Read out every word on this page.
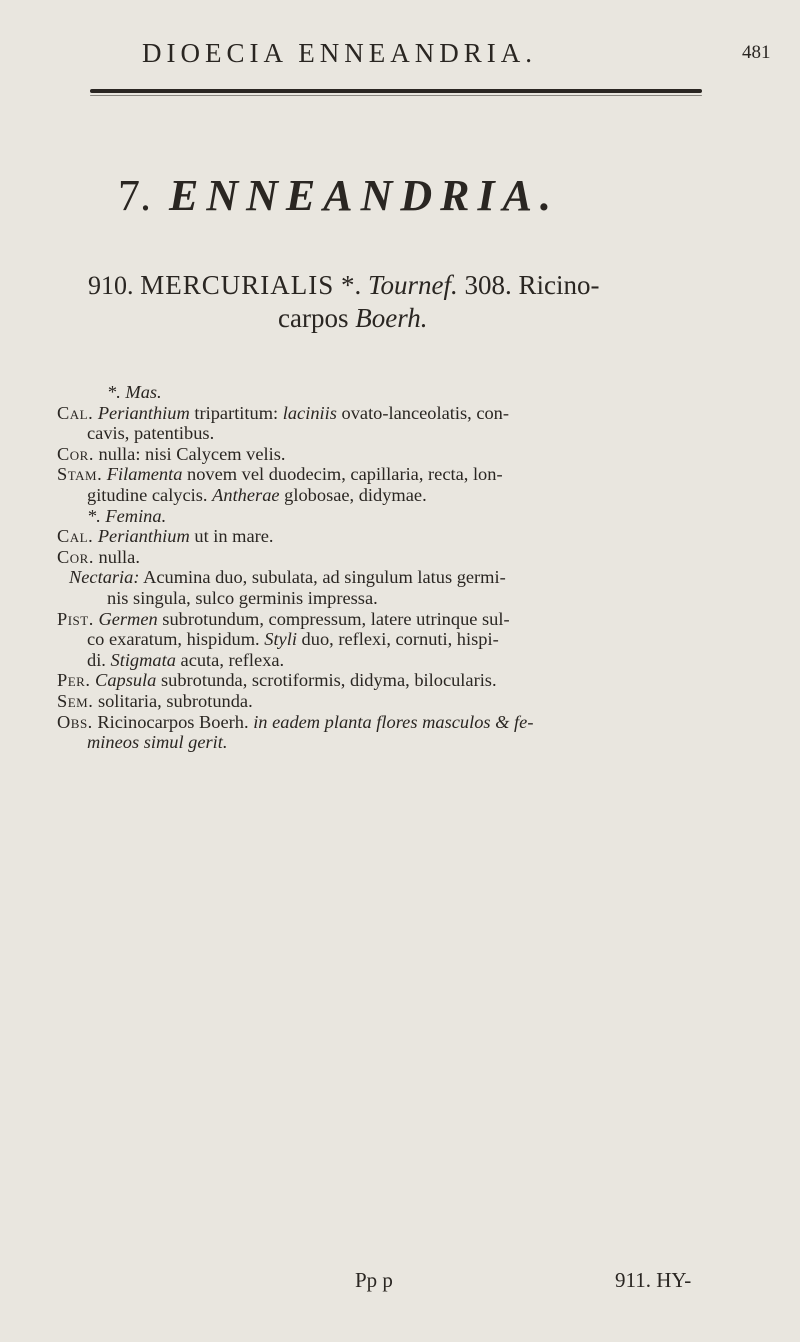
DIOECIA ENNEANDRIA.	481
7. ENNEANDRIA.
910. MERCURIALIS *. Tournef. 308. Ricino-
carpos Boerh.
*. Mas.
Cal. Perianthium tripartitum: laciniis ovato-lanceolatis, con-
cavis, patentibus.
Cor. nulla: nisi Calycem velis.
Stam. Filamenta novem vel duodecim, capillaria, recta, lon-
gitudine calycis. Antherae globosae, didymae.
*. Femina.
Cal. Perianthium ut in mare.
Cor. nulla.
Nectaria: Acumina duo, subulata, ad singulum latus germi-
nis singula, sulco germinis impressa.
Pist. Germen subrotundum, compressum, latere utrinque sul-
co exaratum, hispidum. Styli duo, reflexi, cornuti, hispi-
di. Stigmata acuta, reflexa.
Per. Capsula subrotunda, scrotiformis, didyma, bilocularis.
Sem. solitaria, subrotunda.
Obs. Ricinocarpos Boerh. in eadem planta flores masculos & fe-
mineos simul gerit.
Pp p	911. HY-
